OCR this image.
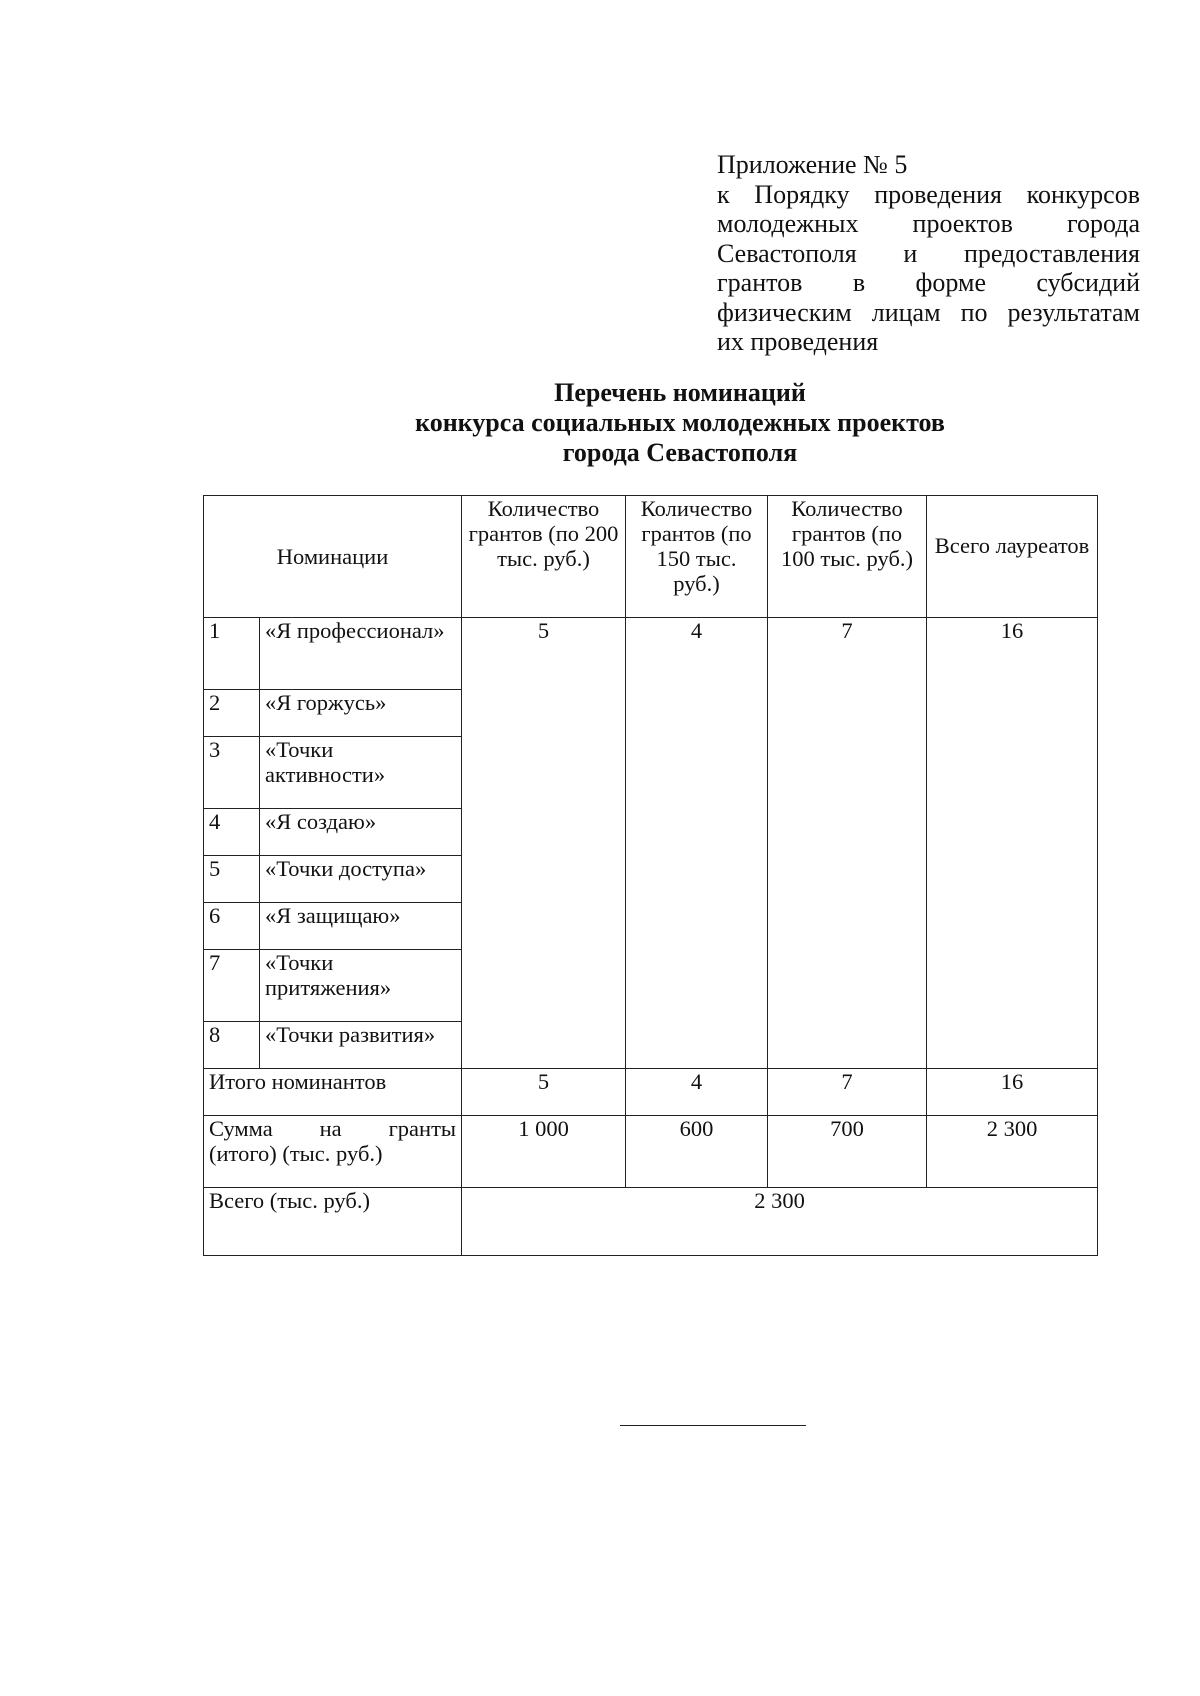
Приложение № 5
к Порядку проведения конкурсов
молодежных проектов города
Севастополя и предоставления
грантов в форме субсидий
физическим лицам по результатам
их проведения
Перечень номинаций
конкурса социальных молодежных проектов
города Севастополя
Номинации		Количество грантов (по 200 тыс. руб.)	Количество грантов (по 150 тыс. руб.)	Количество грантов (по 100 тыс. руб.)	Всего лауреатов
1	«Я профессионал»	5	4	7	16
2	«Я горжусь»				
3	«Точки активности»				
4	«Я создаю»				
5	«Точки доступа»				
6	«Я защищаю»				
7	«Точки притяжения»				
8	«Точки развития»				
Итого номинантов		5	4	7	16

Сумма на гранты
(итого) (тыс. руб.)		1 000	600	700	2 300
Всего (тыс. руб.)		2 300			
